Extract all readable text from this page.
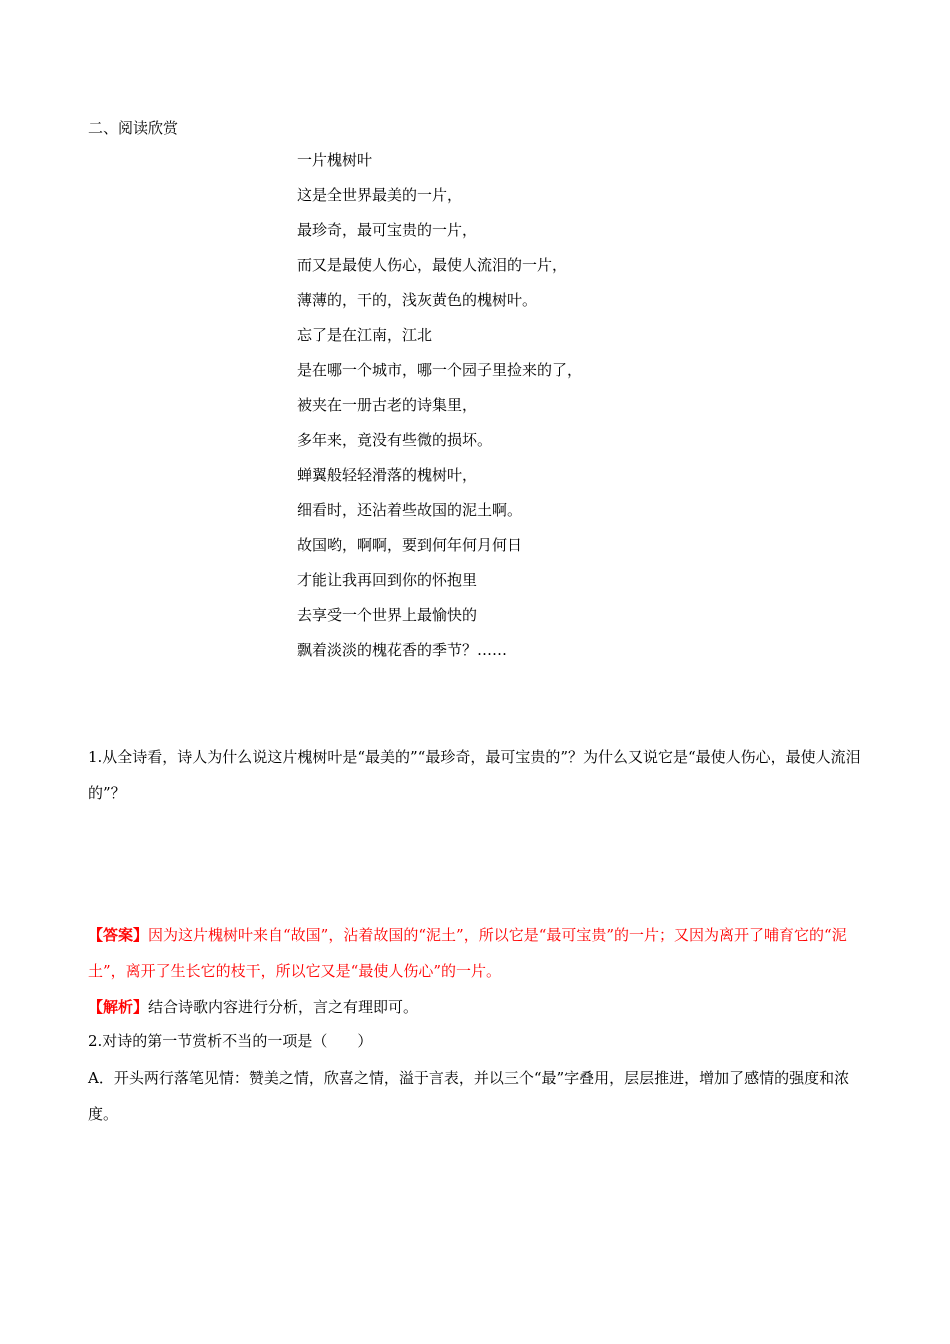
二、阅读欣赏
一片槐树叶
这是全世界最美的一片，
最珍奇，最可宝贵的一片，
而又是最使人伤心，最使人流泪的一片，
薄薄的，干的，浅灰黄色的槐树叶。
忘了是在江南，江北
是在哪一个城市，哪一个园子里捡来的了，
被夹在一册古老的诗集里，
多年来，竟没有些微的损坏。
蝉翼般轻轻滑落的槐树叶，
细看时，还沾着些故国的泥土啊。
故国哟，啊啊，要到何年何月何日
才能让我再回到你的怀抱里
去享受一个世界上最愉快的
飘着淡淡的槐花香的季节？……
1.从全诗看，诗人为什么说这片槐树叶是“最美的”“最珍奇，最可宝贵的”？为什么又说它是“最使人伤心，最使人流泪的”？
【答案】因为这片槐树叶来自“故国”，沾着故国的“泥土”，所以它是“最可宝贵”的一片；又因为离开了哺育它的“泥土”，离开了生长它的枝干，所以它又是“最使人伤心”的一片。
【解析】结合诗歌内容进行分析，言之有理即可。
2.对诗的第一节赏析不当的一项是（　　）
A．开头两行落笔见情：赞美之情，欣喜之情，溢于言表，并以三个“最”字叠用，层层推进，增加了感情的强度和浓度。
